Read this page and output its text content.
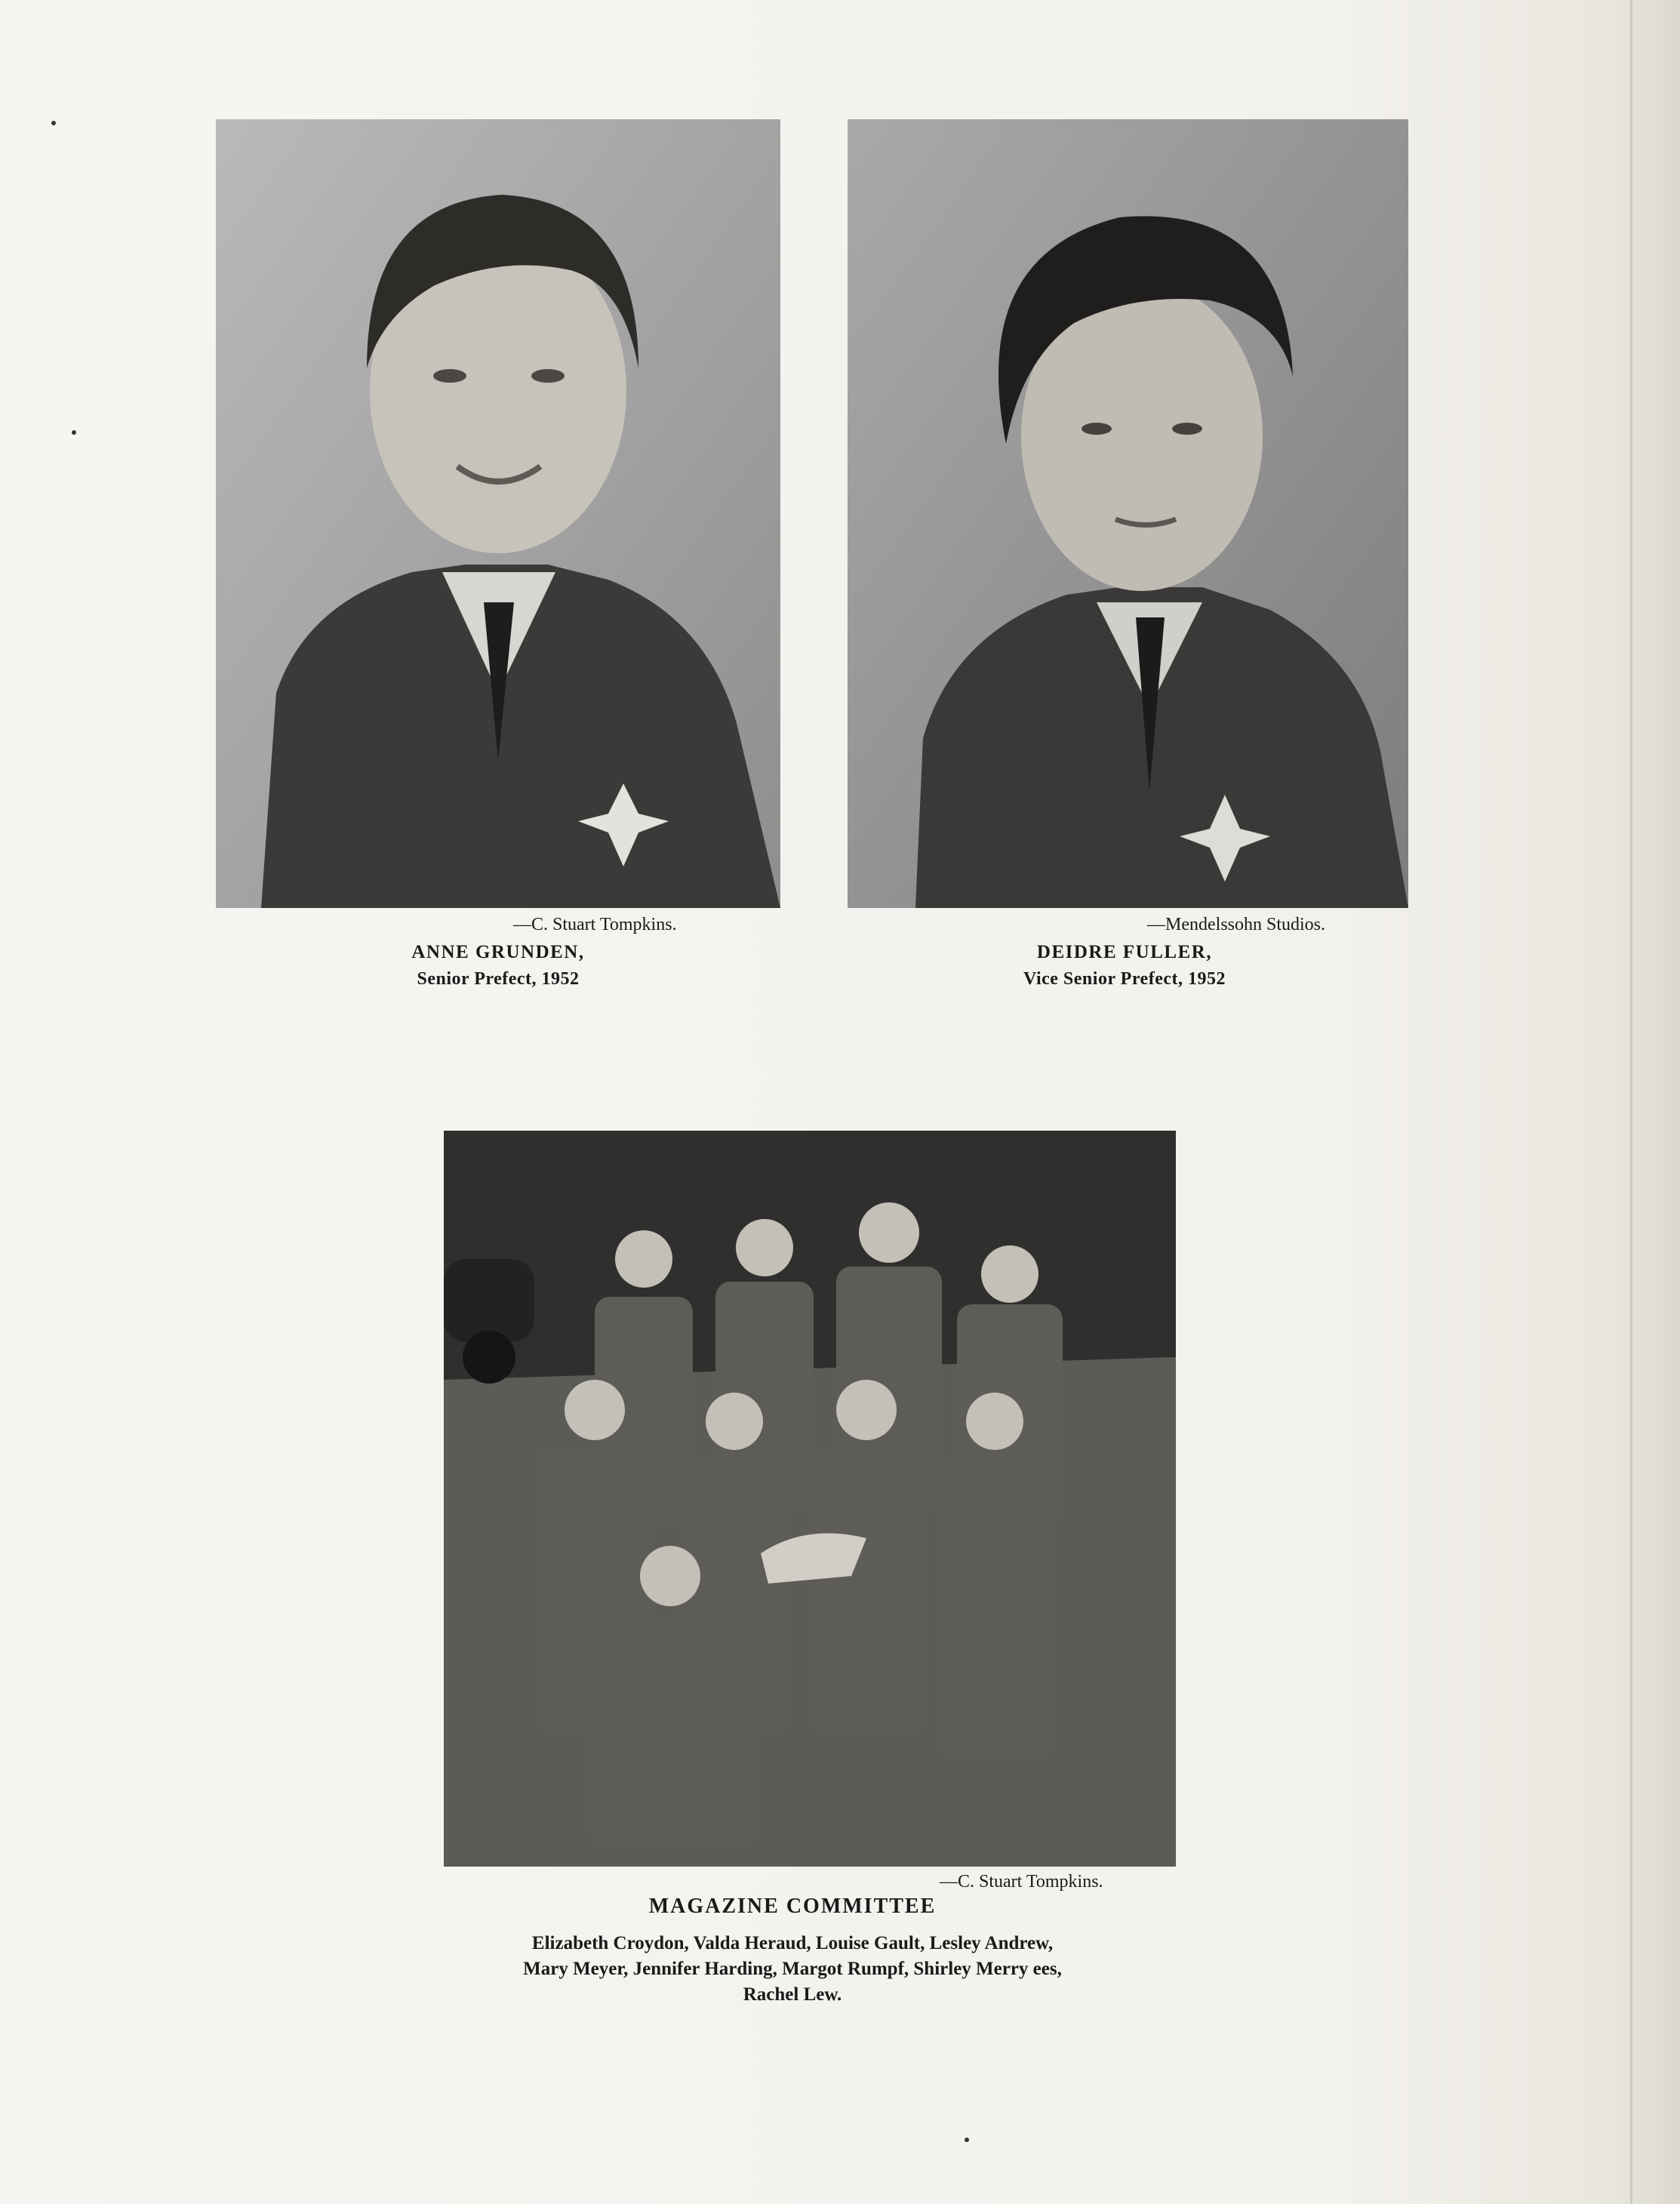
—C. Stuart Tompkins.
ANNE GRUNDEN,
Senior Prefect, 1952
—Mendelssohn Studios.
DEIDRE FULLER,
Vice Senior Prefect, 1952
—C. Stuart Tompkins.
MAGAZINE COMMITTEE
Elizabeth Croydon, Valda Heraud, Louise Gault, Lesley Andrew,
Mary Meyer, Jennifer Harding, Margot Rumpf, Shirley Merry ees,
Rachel Lew.
